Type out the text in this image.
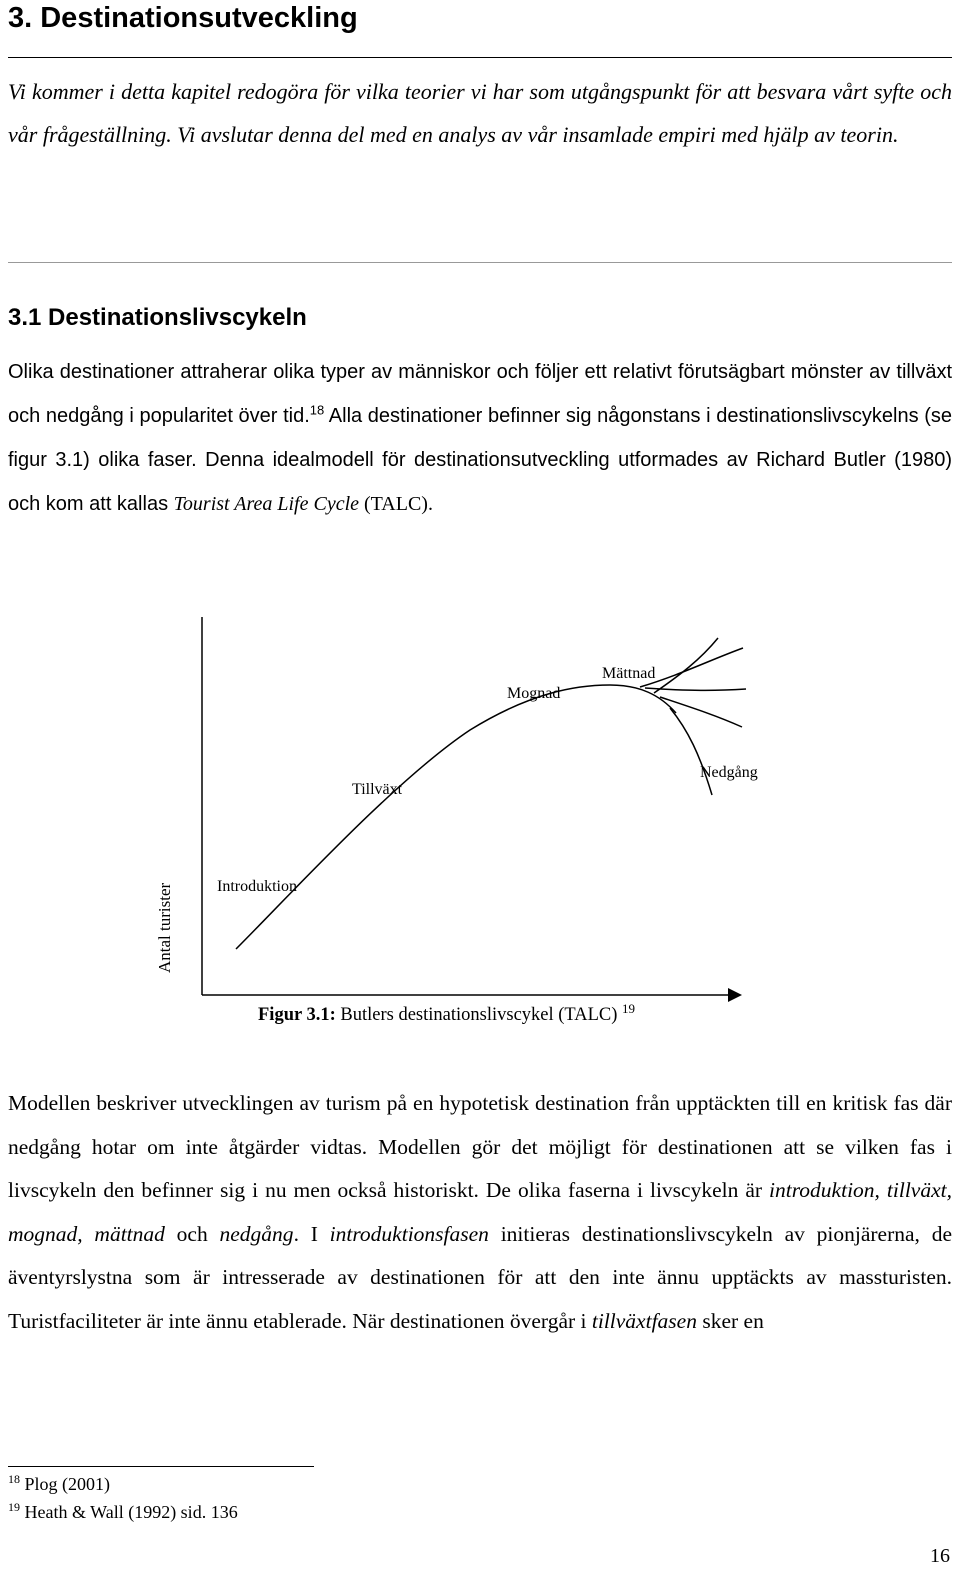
3. Destinationsutveckling

Vi kommer i detta kapitel redogöra för vilka teorier vi har som utgångspunkt för att besvara vårt syfte och vår frågeställning. Vi avslutar denna del med en analys av vår insamlade empiri med hjälp av teorin.

3.1 Destinationslivscykeln

Olika destinationer attraherar olika typer av människor och följer ett relativt förutsägbart mönster av tillväxt och nedgång i popularitet över tid.$^{18}$ Alla destinationer befinner sig någonstans i destinationslivscykelns (se figur 3.1) olika faser. Denna idealmodell för destinationsutveckling utformades av Richard Butler (1980) och kom att kallas Tourist Area Life Cycle (TALC).

Antal turister	Introduktion
Tillväxt
Mognad
Mättnad
Nedgång

Figur 3.1: Butlers destinationslivscykel (TALC) $^{19}$

Modellen beskriver utvecklingen av turism på en hypotetisk destination från upptäckten till en kritisk fas där nedgång hotar om inte åtgärder vidtas. Modellen gör det möjligt för destinationen att se vilken fas i livscykeln den befinner sig i nu men också historiskt. De olika faserna i livscykeln är introduktion, tillväxt, mognad, mättnad och nedgång. I introduktionsfasen initieras destinationslivscykeln av pionjärerna, de äventyrslystna som är intresserade av destinationen för att den inte ännu upptäckts av massturisten. Turistfaciliteter är inte ännu etablerade. När destinationen övergår i tillväxtfasen sker en

$^{18}$ Plog (2001)

$^{19}$ Heath & Wall (1992) sid. 136

16
